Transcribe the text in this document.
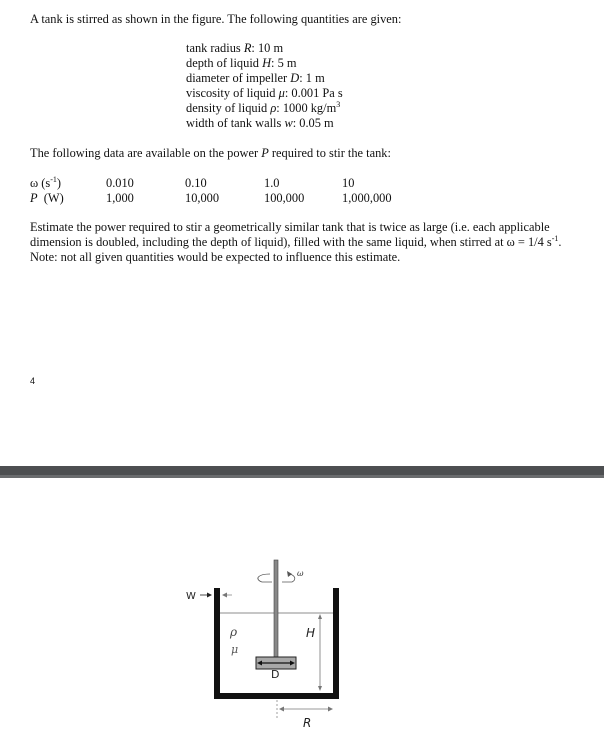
A tank is stirred as shown in the figure. The following quantities are given:

tank radius R: 10 m
depth of liquid H: 5 m
diameter of impeller D: 1 m
viscosity of liquid μ: 0.001 Pa s
density of liquid ρ: 1000 $kg/m^3$
width of tank walls w: 0.05 m

The following data are available on the power P required to stir the tank:

ω $(s^{-1})$	0.010	0.10	1.0	10
P (W)	1,000	10,000	100,000	1,000,000

Estimate the power required to stir a geometrically similar tank that is twice as large (i.e. each applicable dimension is doubled, including the depth of liquid), filled with the same liquid, when stirred at ω = 1/4 $s^{-1}$. Note: not all given quantities would be expected to influence this estimate.

4
ω
H
D
ρ
μ
W
R
